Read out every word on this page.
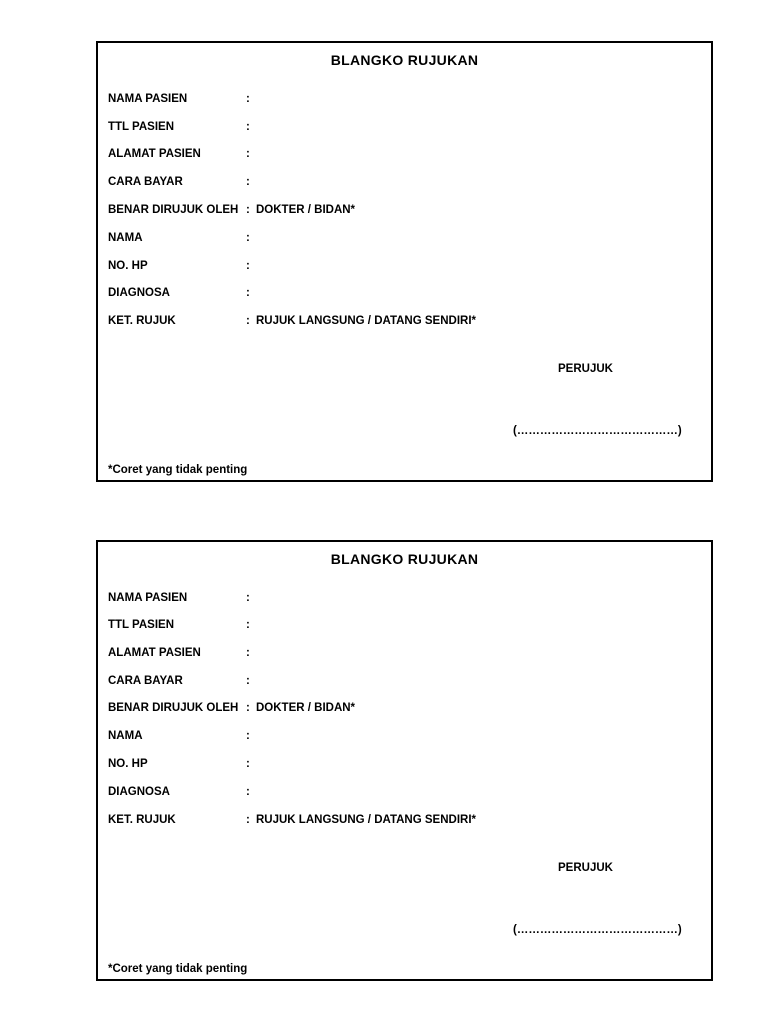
BLANGKO RUJUKAN
NAMA PASIEN	:
TTL PASIEN	:
ALAMAT PASIEN	:
CARA BAYAR	:
BENAR DIRUJUK OLEH : DOKTER / BIDAN*
NAMA	:
NO. HP	:
DIAGNOSA	:
KET. RUJUK	: RUJUK LANGSUNG / DATANG SENDIRI*
PERUJUK
(……………………………………)
*Coret yang tidak penting
BLANGKO RUJUKAN
NAMA PASIEN	:
TTL PASIEN	:
ALAMAT PASIEN	:
CARA BAYAR	:
BENAR DIRUJUK OLEH : DOKTER / BIDAN*
NAMA	:
NO. HP	:
DIAGNOSA	:
KET. RUJUK	: RUJUK LANGSUNG / DATANG SENDIRI*
PERUJUK
(……………………………………)
*Coret yang tidak penting
